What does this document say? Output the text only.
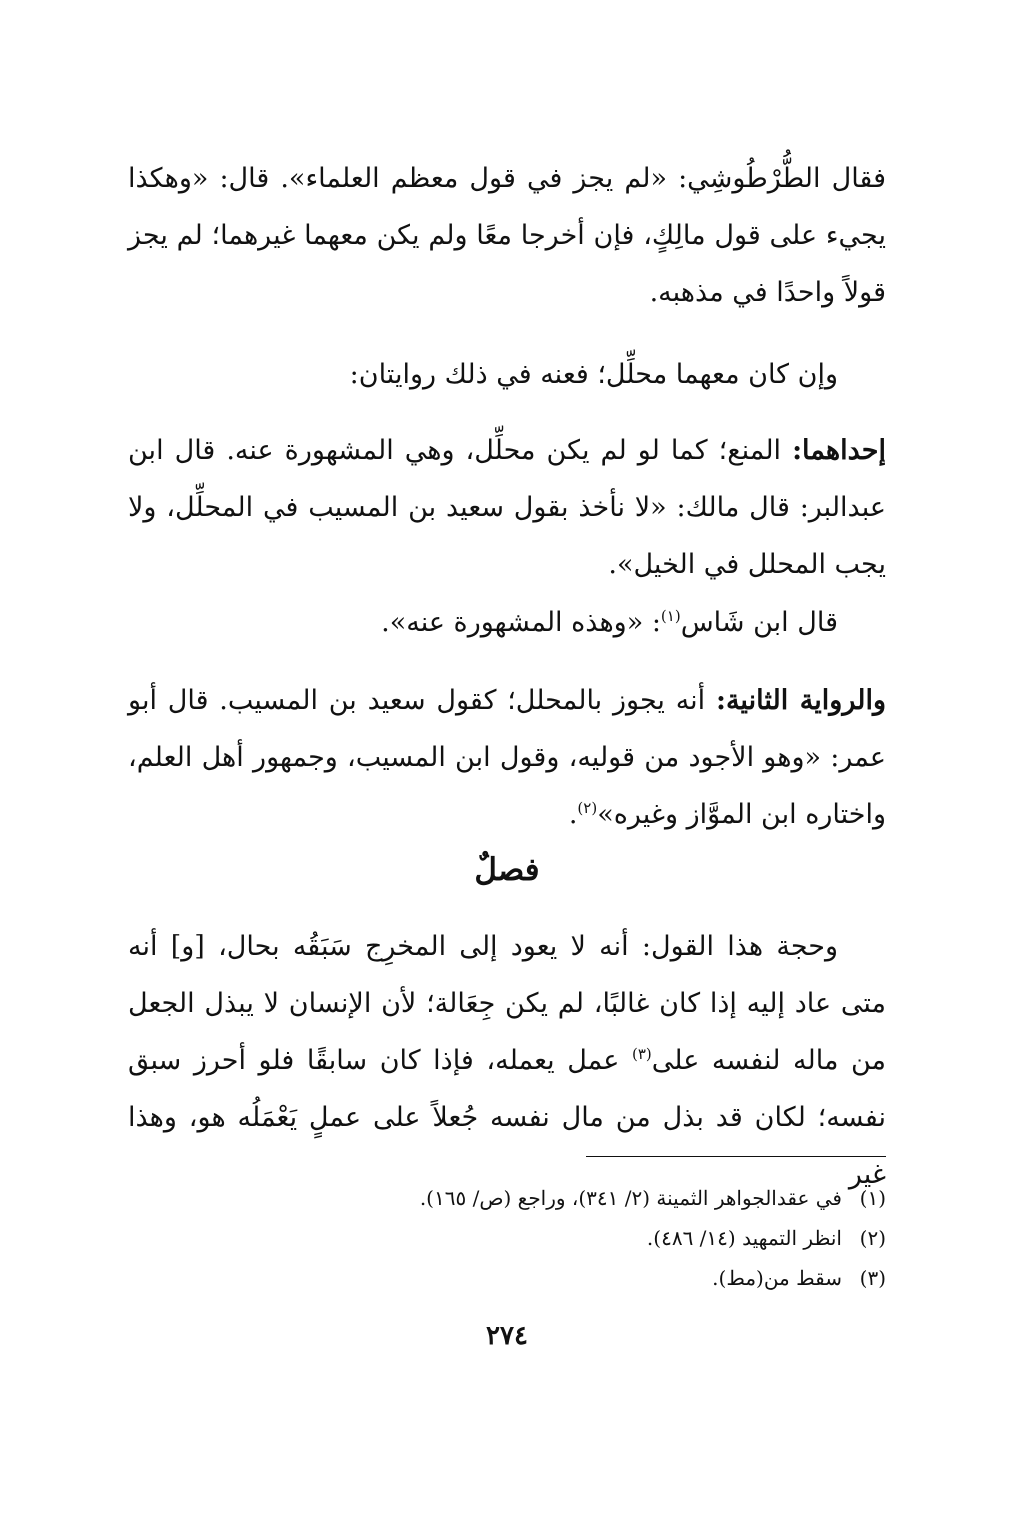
فقال الطُّرْطُوشِي: «لم يجز في قول معظم العلماء». قال: «وهكذا يجيء على قول مالِكٍ، فإن أخرجا معًا ولم يكن معهما غيرهما؛ لم يجز قولاً واحدًا في مذهبه.

وإن كان معهما محلِّل؛ فعنه في ذلك روايتان:

إحداهما: المنع؛ كما لو لم يكن محلِّل، وهي المشهورة عنه. قال ابن عبدالبر: قال مالك: «لا نأخذ بقول سعيد بن المسيب في المحلِّل، ولا يجب المحلل في الخيل».

قال ابن شَاس$^{(١)}$: «وهذه المشهورة عنه».

والرواية الثانية: أنه يجوز بالمحلل؛ كقول سعيد بن المسيب. قال أبو عمر: «وهو الأجود من قوليه، وقول ابن المسيب، وجمهور أهل العلم، واختاره ابن الموَّاز وغيره»$^{(٢)}$.

فصلٌ

وحجة هذا القول: أنه لا يعود إلى المخرِج سَبَقُه بحال، [و] أنه متى عاد إليه إذا كان غالبًا، لم يكن جِعَالة؛ لأن الإنسان لا يبذل الجعل من ماله لنفسه على$^{(٣)}$ عمل يعمله، فإذا كان سابقًا فلو أحرز سبق نفسه؛ لكان قد بذل من مال نفسه جُعلاً على عملٍ يَعْمَلُه هو، وهذا غير

(١)في عقدالجواهر الثمينة (٢/ ٣٤١)، وراجع (ص/ ١٦٥).
(٢)انظر التمهيد (١٤/ ٤٨٦).
(٣)سقط من(مط).
٢٧٤
